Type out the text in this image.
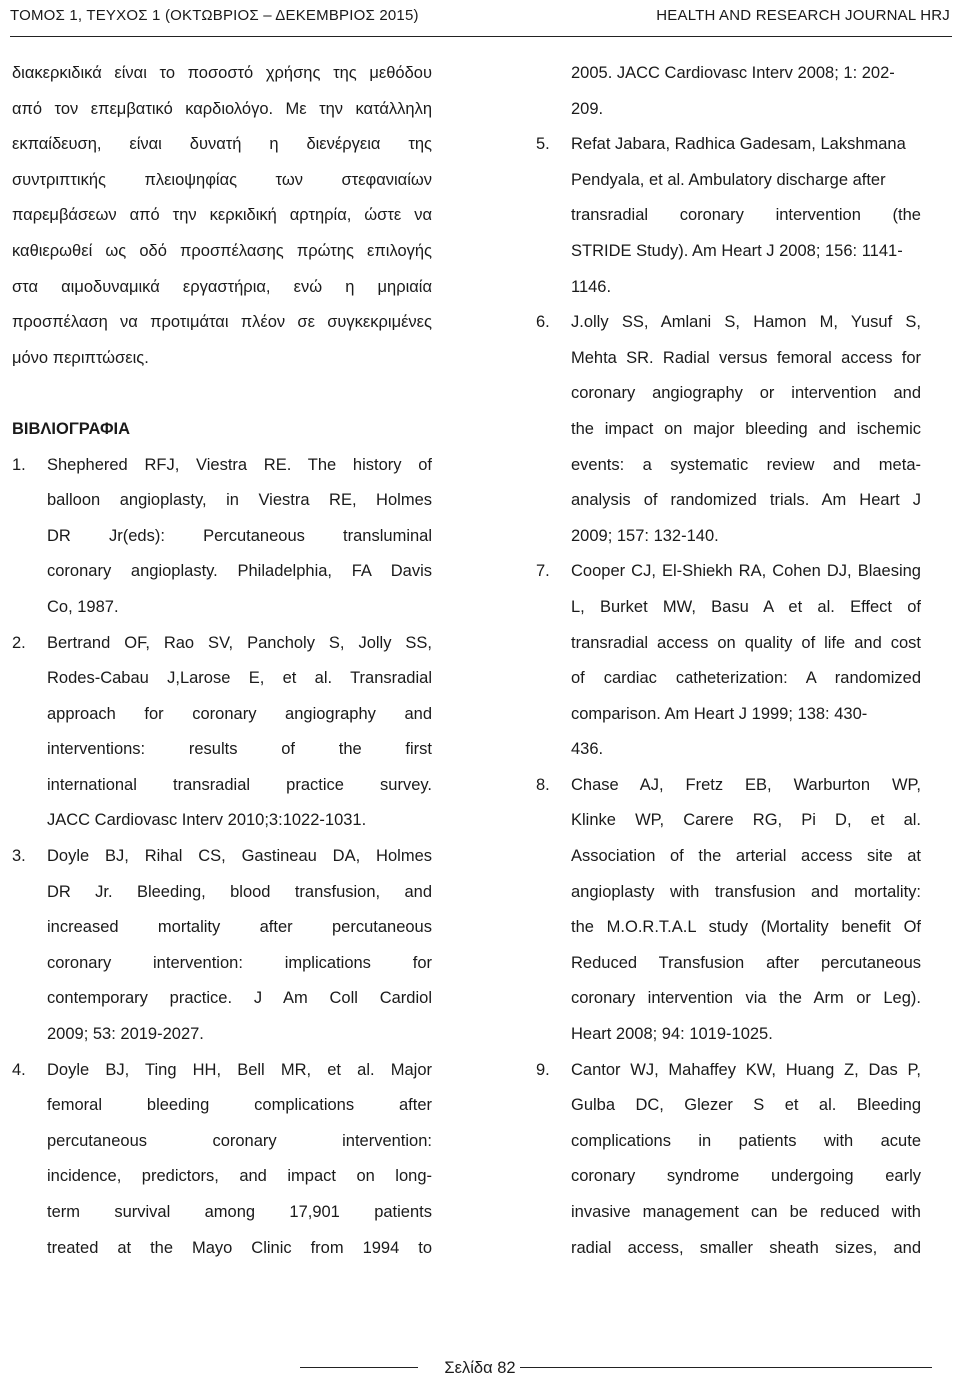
ΤΟΜΟΣ 1, ΤΕΥΧΟΣ 1 (ΟΚΤΩΒΡΙΟΣ – ΔΕΚΕΜΒΡΙΟΣ 2015)	HEALTH AND RESEARCH JOURNAL HRJ
διακερκιδικά είναι το ποσοστό χρήσης της μεθόδου
από τον επεμβατικό καρδιολόγο. Με την κατάλληλη
εκπαίδευση, είναι δυνατή η διενέργεια της
συντριπτικής πλειοψηφίας των στεφανιαίων
παρεμβάσεων από την κερκιδική αρτηρία, ώστε να
καθιερωθεί ως οδό προσπέλασης πρώτης επιλογής
στα αιμοδυναμικά εργαστήρια, ενώ η μηριαία
προσπέλαση να προτιμάται πλέον σε συγκεκριμένες
μόνο περιπτώσεις.
ΒΙΒΛΙΟΓΡΑΦΙΑ
1.	Shephered RFJ, Viestra RE. The history of
balloon angioplasty, in Viestra RE, Holmes
DR Jr(eds): Percutaneous transluminal
coronary angioplasty. Philadelphia, FA Davis
Co, 1987.
2.	Bertrand OF, Rao SV, Pancholy S, Jolly SS,
Rodes-Cabau J,Larose E, et al. Transradial
approach for coronary angiography and
interventions: results of the first
international transradial practice survey.
JACC Cardiovasc Interv 2010;3:1022-1031.
3.	Doyle BJ, Rihal CS, Gastineau DA, Holmes
DR Jr. Bleeding, blood transfusion, and
increased mortality after percutaneous
coronary intervention: implications for
contemporary practice. J Am Coll Cardiol
2009; 53: 2019-2027.
4.	Doyle BJ, Ting HH, Bell MR, et al. Major
femoral bleeding complications after
percutaneous coronary intervention:
incidence, predictors, and impact on long-
term survival among 17,901 patients
treated at the Mayo Clinic from 1994 to
2005. JACC Cardiovasc Interv 2008; 1: 202-
209.
5.	Refat Jabara, Radhica Gadesam, Lakshmana
Pendyala, et al. Ambulatory discharge after
transradial coronary intervention (the
STRIDE Study). Am Heart J 2008; 156: 1141-
1146.
6.	J.olly SS, Amlani S, Hamon M, Yusuf S,
Mehta SR. Radial versus femoral access for
coronary angiography or intervention and
the impact on major bleeding and ischemic
events: a systematic review and meta-
analysis of randomized trials. Am Heart J
2009; 157: 132-140.
7.	Cooper CJ, El-Shiekh RA, Cohen DJ, Blaesing
L, Burket MW, Basu A et al. Effect of
transradial access on quality of life and cost
of cardiac catheterization: A randomized
comparison. Am Heart J 1999; 138: 430-
436.
8.	Chase AJ, Fretz EB, Warburton WP,
Klinke WP, Carere RG, Pi D, et al.
Association of the arterial access site at
angioplasty with transfusion and mortality:
the M.O.R.T.A.L study (Mortality benefit Of
Reduced Transfusion after percutaneous
coronary intervention via the Arm or Leg).
Heart 2008; 94: 1019-1025.
9.	Cantor WJ, Mahaffey KW, Huang Z, Das P,
Gulba DC, Glezer S et al. Bleeding
complications in patients with acute
coronary syndrome undergoing early
invasive management can be reduced with
radial access, smaller sheath sizes, and
Σελίδα 82
